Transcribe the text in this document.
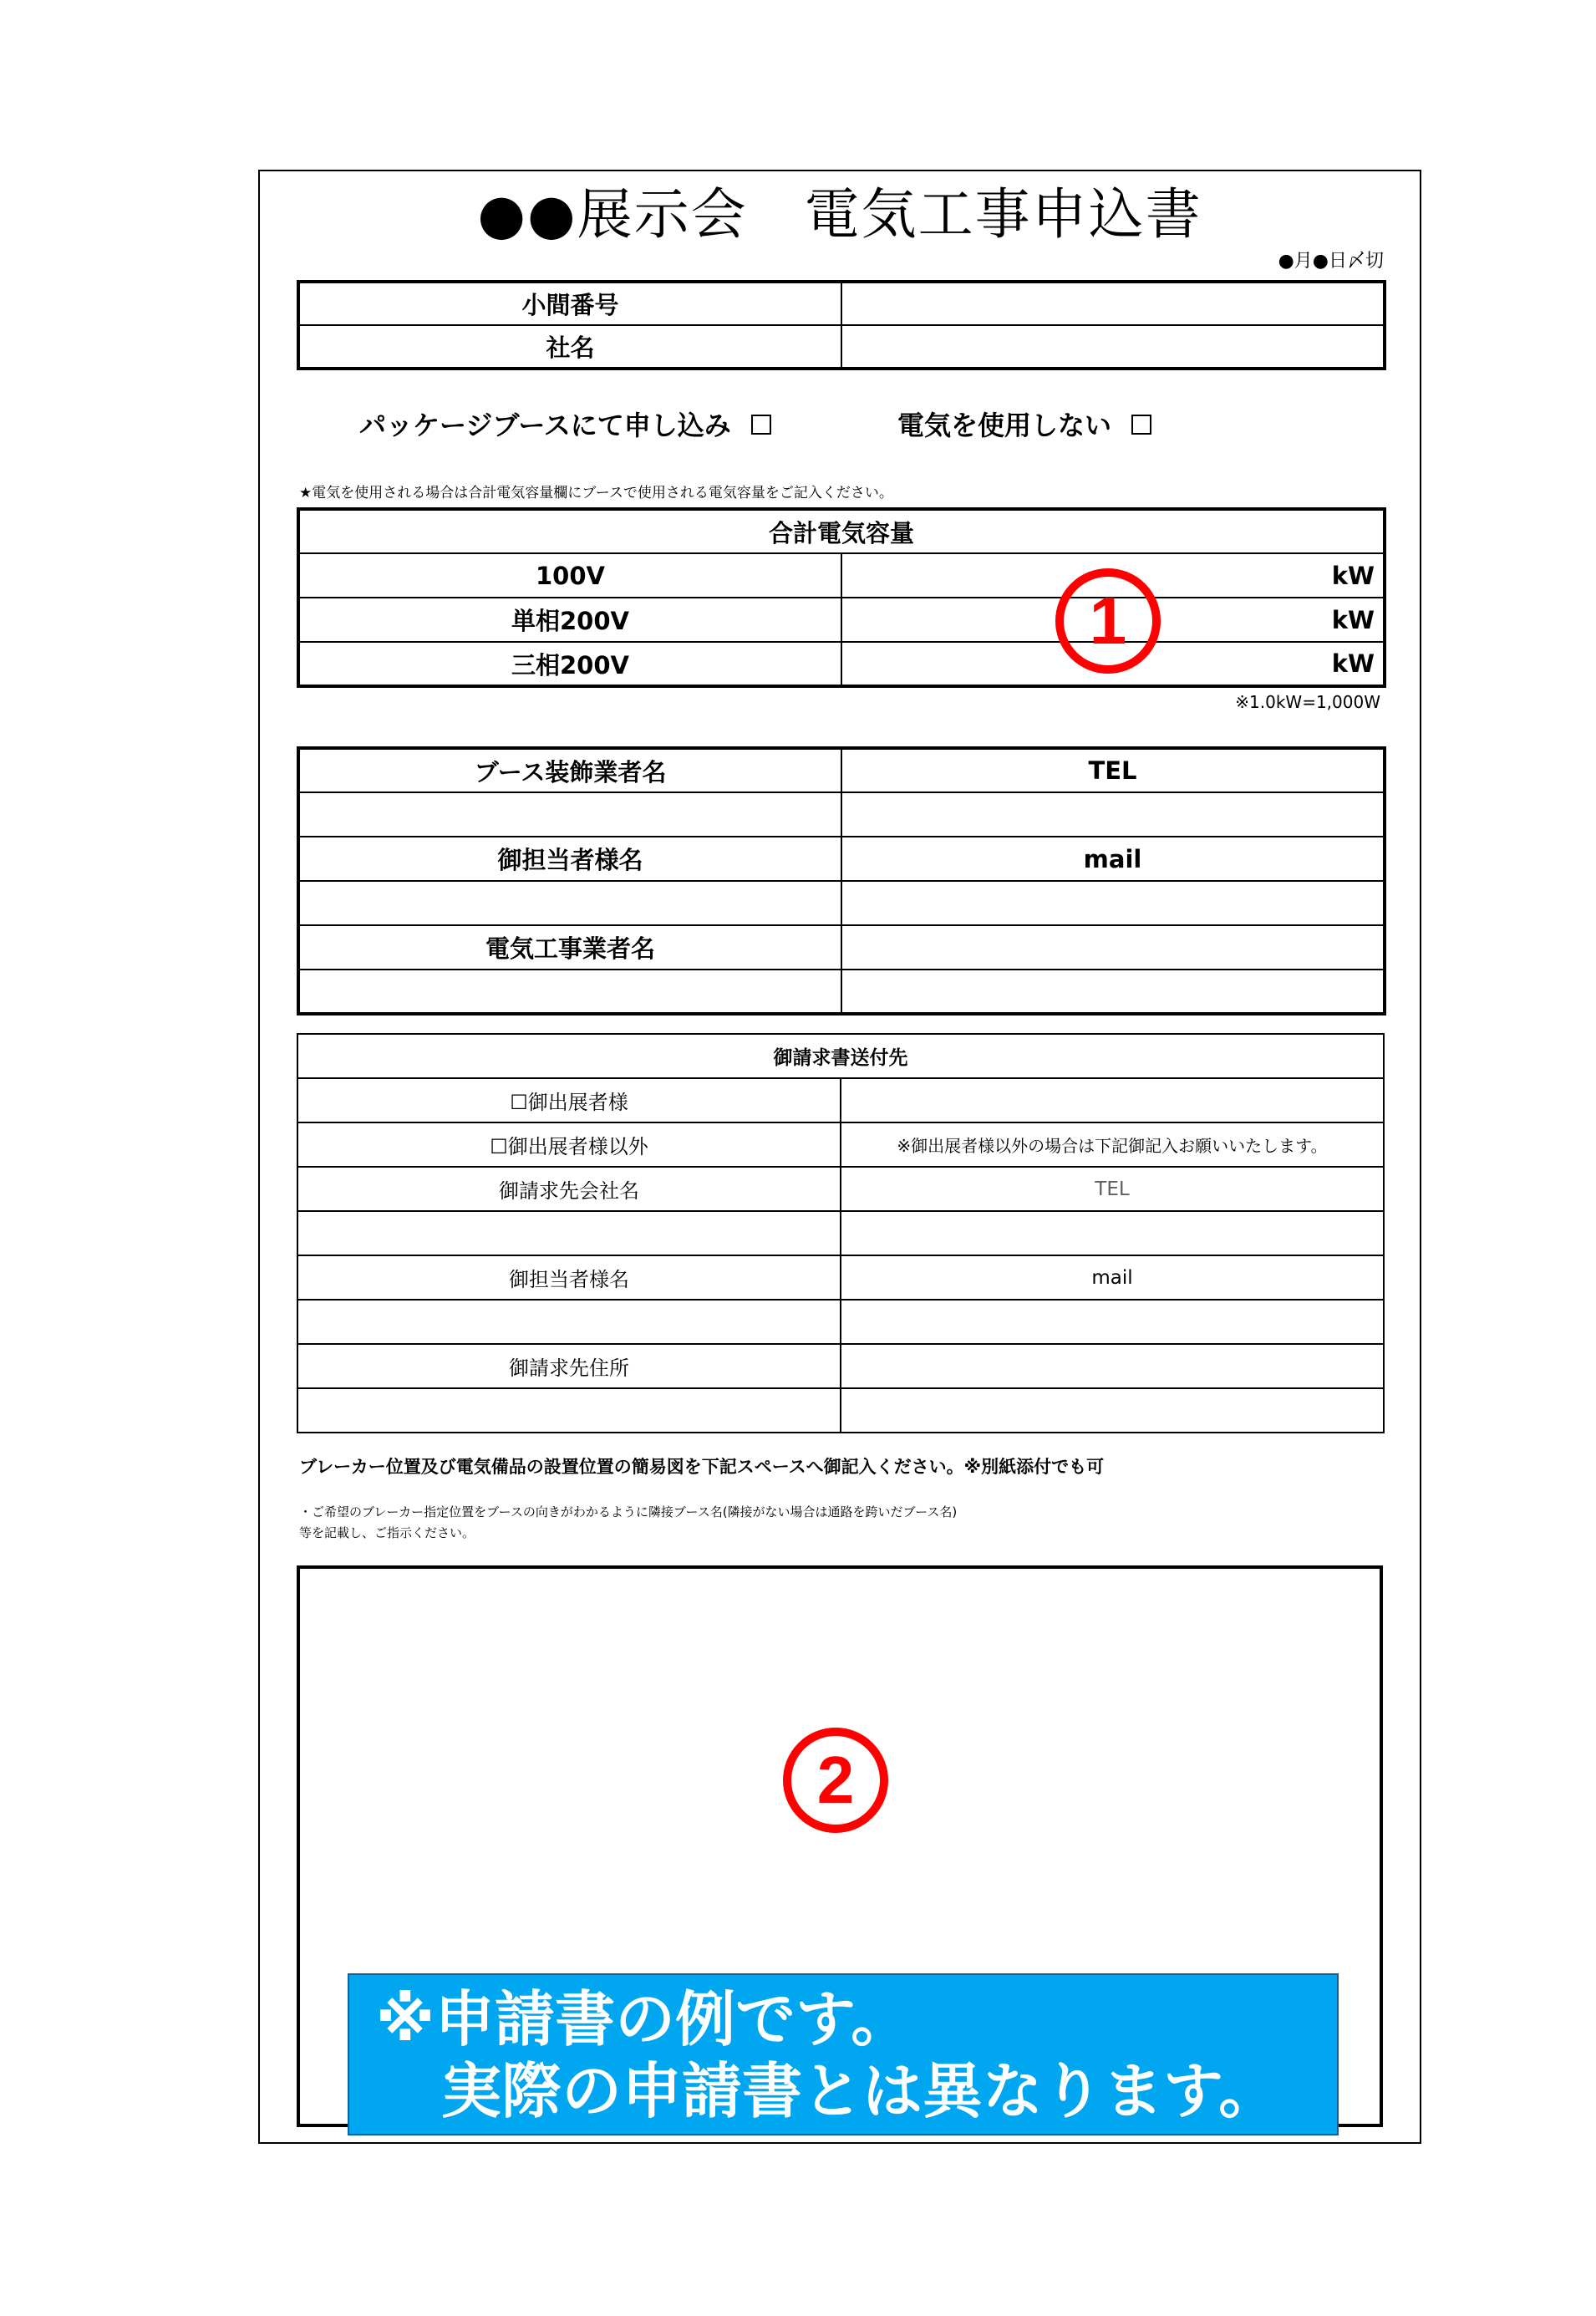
●●展示会　電気工事申込書
●月●日〆切
小間番号	
社名	
パッケージブースにて申し込み	電気を使用しない
★電気を使用される場合は合計電気容量欄にブースで使用される電気容量をご記入ください。
合計電気容量	
100V	kW
単相200V	kW
三相200V	kW
1
※1.0kW=1,000W
ブース装飾業者名	TEL

御担当者様名	mail

電気工事業者名	

御請求書送付先	
☐御出展者様	
☐御出展者様以外	※御出展者様以外の場合は下記御記入お願いいたします。
御請求先会社名	TEL

御担当者様名	mail

御請求先住所	

ブレーカー位置及び電気備品の設置位置の簡易図を下記スペースへ御記入ください。※別紙添付でも可
・ご希望のブレーカー指定位置をブースの向きがわかるように隣接ブース名(隣接がない場合は通路を跨いだブース名)
等を記載し、ご指示ください。
2
※申請書の例です。
実際の申請書とは異なります。
